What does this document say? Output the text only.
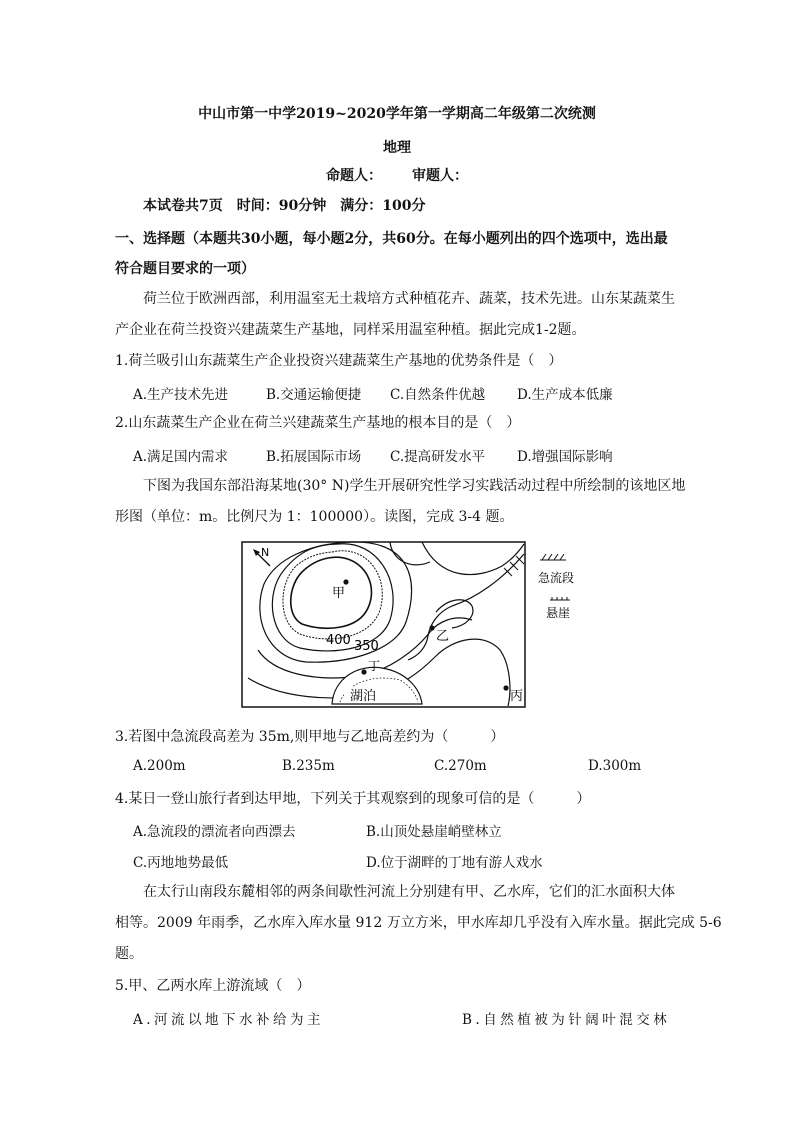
中山市第一中学2019~2020学年第一学期高二年级第二次统测
地理
命题人： 审题人：
本试卷共7页　时间：90分钟　满分：100分
一、选择题（本题共30小题，每小题2分，共60分。在每小题列出的四个选项中，选出最
符合题目要求的一项）
荷兰位于欧洲西部，利用温室无土栽培方式种植花卉、蔬菜，技术先进。山东某蔬菜生
产企业在荷兰投资兴建蔬菜生产基地，同样采用温室种植。据此完成1-2题。
1.荷兰吸引山东蔬菜生产企业投资兴建蔬菜生产基地的优势条件是（　）
A.生产技术先进	B.交通运输便捷 C.自然条件优越 D.生产成本低廉
2.山东蔬菜生产企业在荷兰兴建蔬菜生产基地的根本目的是（　）
A.满足国内需求	B.拓展国际市场 C.提高研发水平 D.增强国际影响
下图为我国东部沿海某地(30° N)学生开展研究性学习实践活动过程中所绘制的该地区地
形图（单位：m。比例尺为 1：100000）。读图，完成 3-4 题。
N
甲
乙
丁
丙
湖泊
400 350
急流段
悬崖
3.若图中急流段高差为 35m,则甲地与乙地高差约为（　　　）
A.200m	B.235m	C.270m	D.300m
4.某日一登山旅行者到达甲地，下列关于其观察到的现象可信的是（　　　）
A.急流段的漂流者向西漂去	B.山顶处悬崖峭壁林立
C.丙地地势最低	D.位于湖畔的丁地有游人戏水
在太行山南段东麓相邻的两条间歇性河流上分别建有甲、乙水库，它们的汇水面积大体
相等。2009 年雨季，乙水库入库水量 912 万立方米，甲水库却几乎没有入库水量。据此完成 5-6
题。
5.甲、乙两水库上游流域（　）
A.河流以地下水补给为主	B.自然植被为针阔叶混交林
